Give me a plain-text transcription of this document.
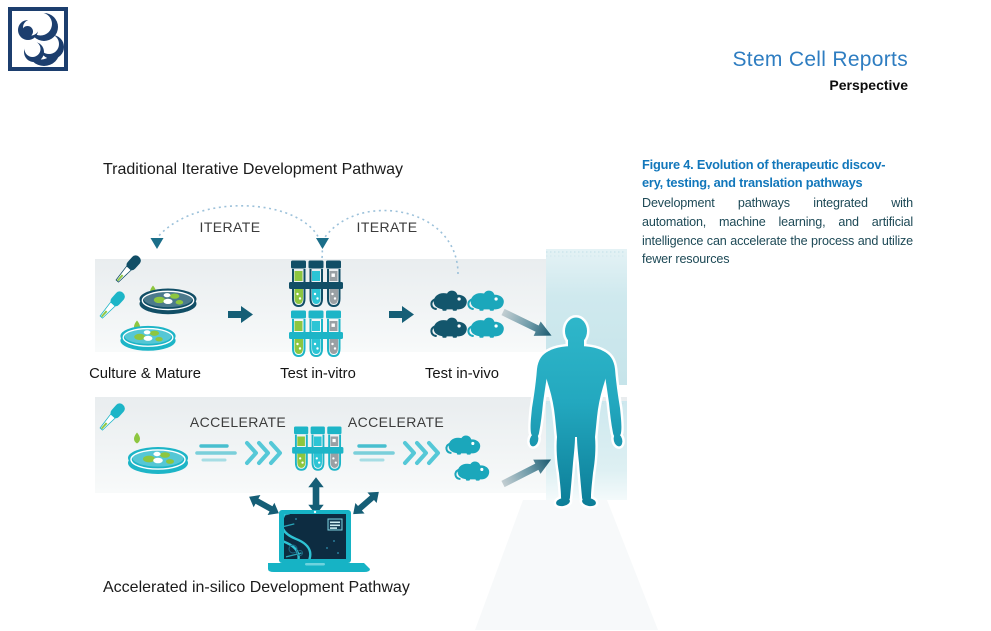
Stem Cell Reports
Perspective
Traditional Iterative Development Pathway
Accelerated in-silico Development Pathway
ITERATE	ITERATE
ACCELERATE	ACCELERATE
Culture & Mature	Test in-vitro	Test in-vivo
Figure 4. Evolution of therapeutic discov-
ery, testing, and translation pathways
Development pathways integrated with automation, machine learning, and artificial intelligence can accelerate the process and utilize fewer resources
